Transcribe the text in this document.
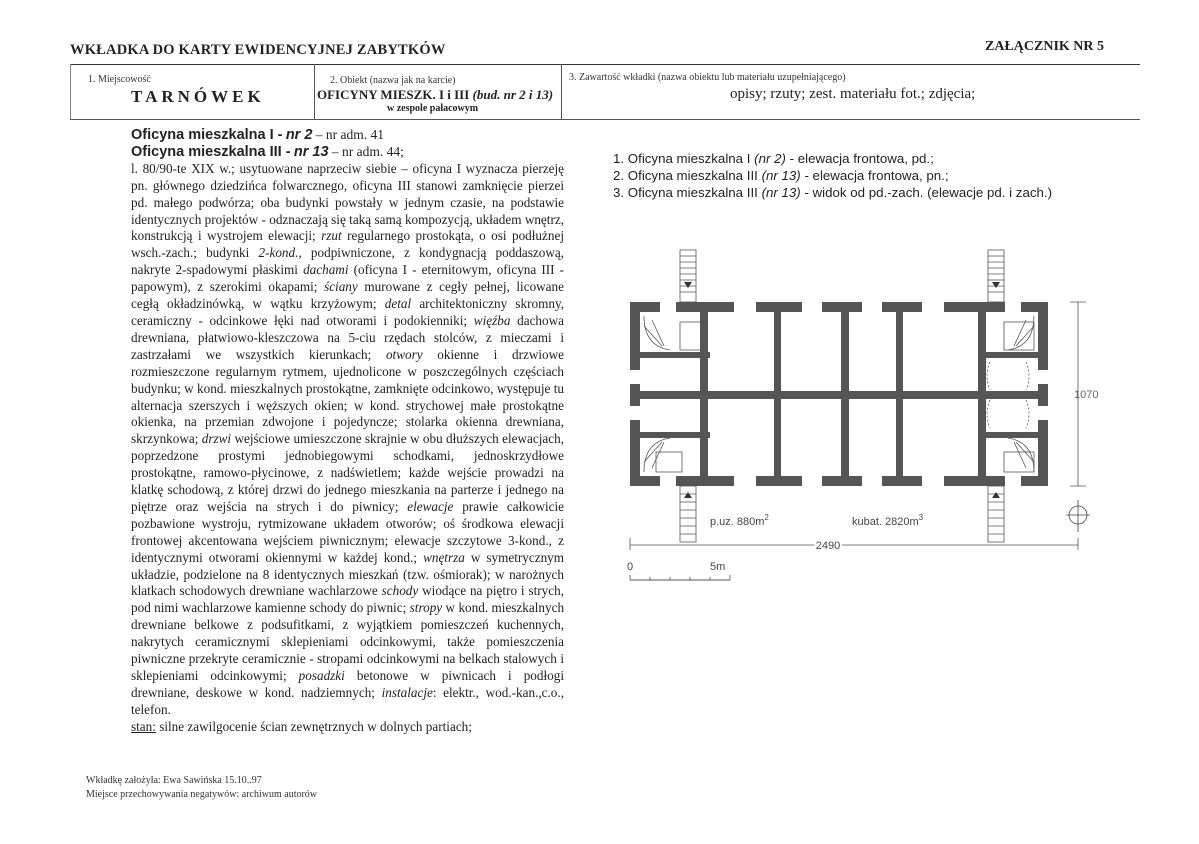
WKŁADKA DO KARTY EWIDENCYJNEJ ZABYTKÓW	ZAŁĄCZNIK NR 5
1. Miejscowość
TARNÓWEK
2. Obiekt (nazwa jak na karcie)
OFICYNY MIESZK. I i III (bud. nr 2 i 13)
w zespole pałacowym
3. Zawartość wkładki (nazwa obiektu lub materiału uzupełniającego)
opisy; rzuty; zest. materiału fot.; zdjęcia;

Oficyna mieszkalna I - nr 2 – nr adm. 41

Oficyna mieszkalna III - nr 13 – nr adm. 44;

l. 80/90-te XIX w.; usytuowane naprzeciw siebie – oficyna I wyznacza pierzeję pn. głównego dziedzińca folwarcznego, oficyna III stanowi zamknięcie pierzei pd. małego podwórza; oba budynki powstały w jednym czasie, na podstawie identycznych projektów - odznaczają się taką samą kompozycją, układem wnętrz, konstrukcją i wystrojem elewacji; rzut regularnego prostokąta, o osi podłużnej wsch.-zach.; budynki 2-kond., podpiwniczone, z kondygnacją poddaszową, nakryte 2-spadowymi płaskimi dachami (oficyna I - eternitowym, oficyna III - papowym), z szerokimi okapami; ściany murowane z cegły pełnej, licowane cegłą okładzinówką, w wątku krzyżowym; detal architektoniczny skromny, ceramiczny - odcinkowe łęki nad otworami i podokienniki; więźba dachowa drewniana, płatwiowo-kleszczowa na 5-ciu rzędach stolców, z mieczami i zastrzałami we wszystkich kierunkach; otwory okienne i drzwiowe rozmieszczone regularnym rytmem, ujednolicone w poszczególnych częściach budynku; w kond. mieszkalnych prostokątne, zamknięte odcinkowo, występuje tu alternacja szerszych i węższych okien; w kond. strychowej małe prostokątne okienka, na przemian zdwojone i pojedyncze; stolarka okienna drewniana, skrzynkowa; drzwi wejściowe umieszczone skrajnie w obu dłuższych elewacjach, poprzedzone prostymi jednobiegowymi schodkami, jednoskrzydłowe prostokątne, ramowo-płycinowe, z nadświetlem; każde wejście prowadzi na klatkę schodową, z której drzwi do jednego mieszkania na parterze i jednego na piętrze oraz wejścia na strych i do piwnicy; elewacje prawie całkowicie pozbawione wystroju, rytmizowane układem otworów; oś środkowa elewacji frontowej akcentowana wejściem piwnicznym; elewacje szczytowe 3-kond., z identycznymi otworami okiennymi w każdej kond.; wnętrza w symetrycznym układzie, podzielone na 8 identycznych mieszkań (tzw. ośmiorak); w narożnych klatkach schodowych drewniane wachlarzowe schody wiodące na piętro i strych, pod nimi wachlarzowe kamienne schody do piwnic; stropy w kond. mieszkalnych drewniane belkowe z podsufitkami, z wyjątkiem pomieszczeń kuchennych, nakrytych ceramicznymi sklepieniami odcinkowymi, także pomieszczenia piwniczne przekryte ceramicznie - stropami odcinkowymi na belkach stalowych i sklepieniami odcinkowymi; posadzki betonowe w piwnicach i podłogi drewniane, deskowe w kond. nadziemnych; instalacje: elektr., wod.-kan.,c.o., telefon.

stan: silne zawilgocenie ścian zewnętrznych w dolnych partiach;

1. Oficyna mieszkalna I (nr 2) - elewacja frontowa, pd.;
2. Oficyna mieszkalna III (nr 13) - elewacja frontowa, pn.;
3. Oficyna mieszkalna III (nr 13) - widok od pd.-zach. (elewacje pd. i zach.)
p.uz. $880m^2$	kubat. $2820m^3$
2490
1070
0	5m
Wkładkę założyła: Ewa Sawińska 15.10..97
Miejsce przechowywania negatywów: archiwum autorów
